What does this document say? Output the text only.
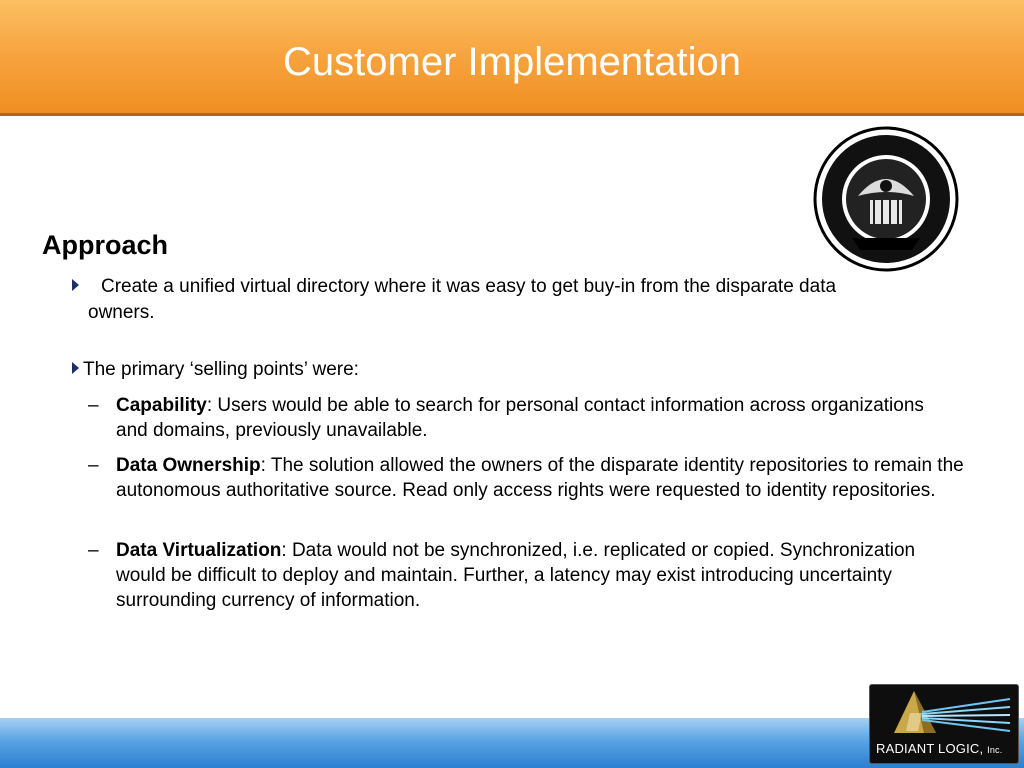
Customer Implementation
Approach
Create a unified virtual directory where it was easy to get buy-in from the disparate data
owners.
The primary ‘selling points’ were:
– Capability: Users would be able to search for personal contact information across organizations and domains, previously unavailable.
– Data Ownership: The solution allowed the owners of the disparate identity repositories to remain the autonomous authoritative source. Read only access rights were requested to identity repositories.
– Data Virtualization: Data would not be synchronized, i.e. replicated or copied. Synchronization would be difficult to deploy and maintain. Further, a latency may exist introducing uncertainty surrounding currency of information.
RADIANT LOGIC, Inc.
